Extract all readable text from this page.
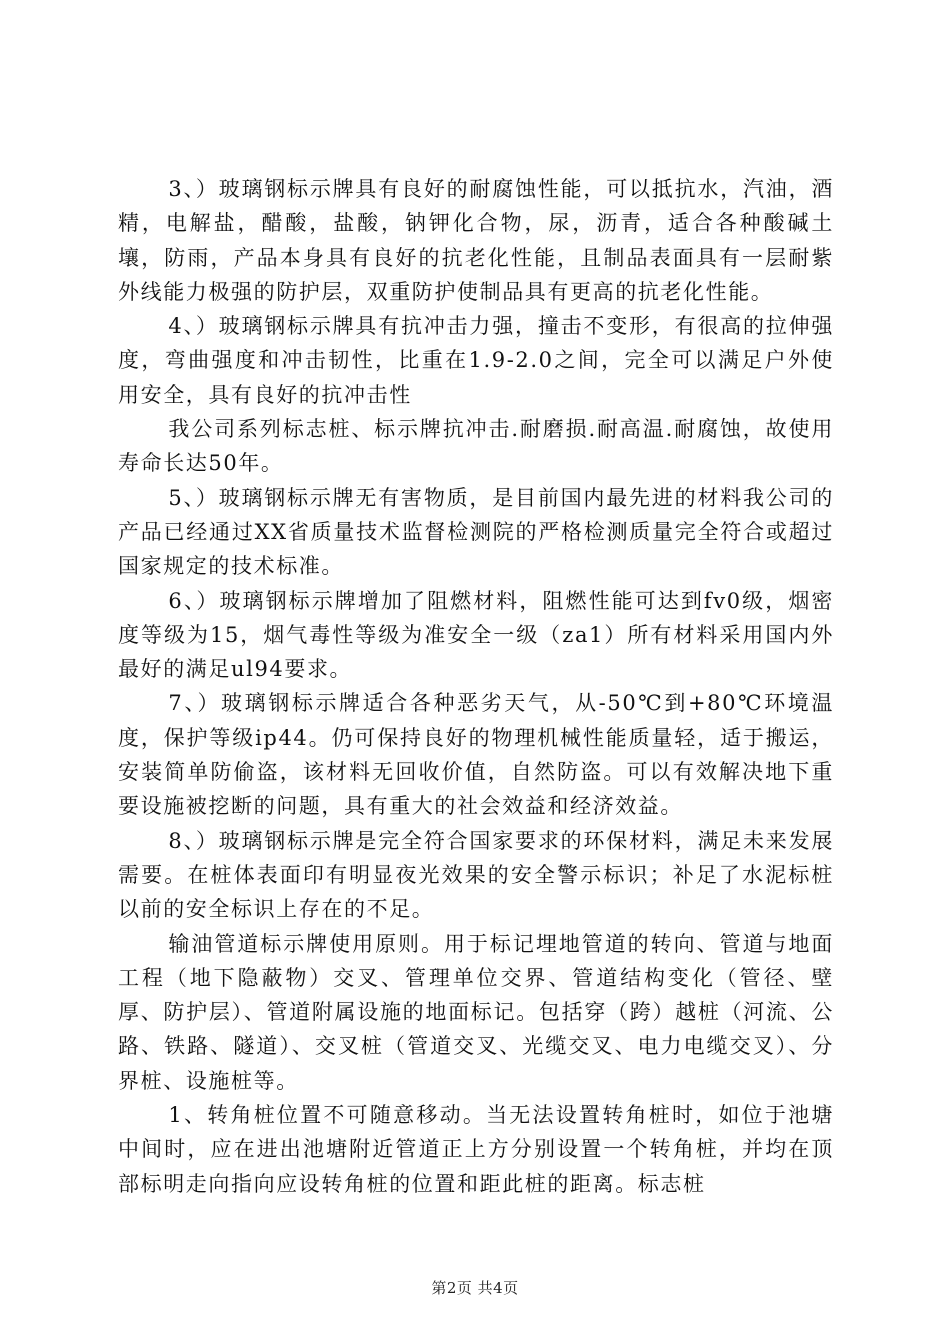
3、）玻璃钢标示牌具有良好的耐腐蚀性能，可以抵抗水，汽油，酒精，电解盐，醋酸，盐酸，钠钾化合物，尿，沥青，适合各种酸碱土壤，防雨，产品本身具有良好的抗老化性能，且制品表面具有一层耐紫外线能力极强的防护层，双重防护使制品具有更高的抗老化性能。

4、）玻璃钢标示牌具有抗冲击力强，撞击不变形，有很高的拉伸强度，弯曲强度和冲击韧性，比重在1.9-2.0之间，完全可以满足户外使用安全，具有良好的抗冲击性

我公司系列标志桩、标示牌抗冲击.耐磨损.耐高温.耐腐蚀，故使用寿命长达50年。

5、）玻璃钢标示牌无有害物质，是目前国内最先进的材料我公司的产品已经通过XX省质量技术监督检测院的严格检测质量完全符合或超过国家规定的技术标准。

6、）玻璃钢标示牌增加了阻燃材料，阻燃性能可达到fv0级，烟密度等级为15，烟气毒性等级为准安全一级（za1）所有材料采用国内外最好的满足ul94要求。

7、）玻璃钢标示牌适合各种恶劣天气，从-50℃到+80℃环境温度，保护等级ip44。仍可保持良好的物理机械性能质量轻，适于搬运，安装简单防偷盗，该材料无回收价值，自然防盗。可以有效解决地下重要设施被挖断的问题，具有重大的社会效益和经济效益。

8、）玻璃钢标示牌是完全符合国家要求的环保材料，满足未来发展需要。在桩体表面印有明显夜光效果的安全警示标识；补足了水泥标桩以前的安全标识上存在的不足。

输油管道标示牌使用原则。用于标记埋地管道的转向、管道与地面工程（地下隐蔽物）交叉、管理单位交界、管道结构变化（管径、壁厚、防护层）、管道附属设施的地面标记。包括穿（跨）越桩（河流、公路、铁路、隧道）、交叉桩（管道交叉、光缆交叉、电力电缆交叉）、分界桩、设施桩等。

1、转角桩位置不可随意移动。当无法设置转角桩时，如位于池塘中间时，应在进出池塘附近管道正上方分别设置一个转角桩，并均在顶部标明走向指向应设转角桩的位置和距此桩的距离。标志桩

第2页 共4页
